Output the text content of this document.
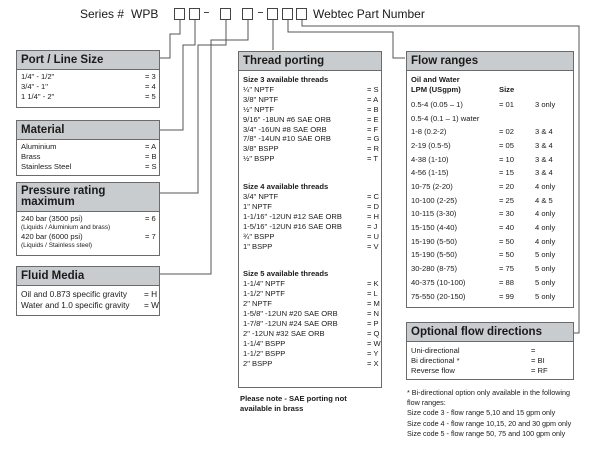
Series # WPB	Webtec Part Number
Port / Line Size
1/4" - 1/2"	= 3
3/4" - 1"	= 4
1 1/4" - 2"	= 5
Material
Aluminium	= A
Brass	= B
Stainless Steel	= S
Pressure rating
maximum
240 bar (3500 psi)	= 6
(Liquids / Aluminium and brass)
420 bar (6000 psi)	= 7
(Liquids / Stainless steel)
Fluid Media
Oil and 0.873 specific gravity = H
Water and 1.0 specific gravity = W
Thread porting
Size 3 available threads
¼" NPTF	= S
3/8" NPTF	= A
½" NPTF	= B
9/16" -18UN #6 SAE ORB	= E
3/4" -16UN #8 SAE ORB	= F
7/8" -14UN #10 SAE ORB	= G
3/8" BSPP	= R
½" BSPP	= T
Size 4 available threads
3/4" NPTF	= C
1" NPTF	= D
1-1/16" -12UN #12 SAE ORB	= H
1-5/16" -12UN #16 SAE ORB	= J
¾" BSPP	= U
1" BSPP	= V
Size 5 available threads
1-1/4" NPTF	= K
1-1/2" NPTF	= L
2" NPTF	= M
1-5/8" -12UN #20 SAE ORB	= N
1-7/8" -12UN #24 SAE ORB	= P
2" -12UN #32 SAE ORB	= Q
1-1/4" BSPP	= W
1-1/2" BSPP	= Y
2" BSPP	= X
Please note - SAE porting not
available in brass
Flow ranges
Oil and Water
LPM (USgpm)	Size
0.5-4 (0.05 – 1)	= 01	3 only
0.5-4 (0.1 – 1) water
1-8 (0.2-2)	= 02	3 & 4
2-19 (0.5-5)	= 05	3 & 4
4-38 (1-10)	= 10	3 & 4
4-56 (1-15)	= 15	3 & 4
10-75 (2-20)	= 20	4 only
10-100 (2-25)	= 25	4 & 5
10-115 (3-30)	= 30	4 only
15-150 (4-40)	= 40	4 only
15-190 (5-50)	= 50	4 only
15-190 (5-50)	= 50	5 only
30-280 (8-75)	= 75	5 only
40-375 (10-100)	= 88	5 only
75-550 (20-150)	= 99	5 only
Optional flow directions
Uni-directional	=
Bi directional *	= BI
Reverse flow	= RF
* Bi-directional option only available in the following
flow ranges:
Size code 3 - flow range 5,10 and 15 gpm only
Size code 4 - flow range 10,15, 20 and 30 gpm only
Size code 5 - flow range 50, 75 and 100 gpm only
